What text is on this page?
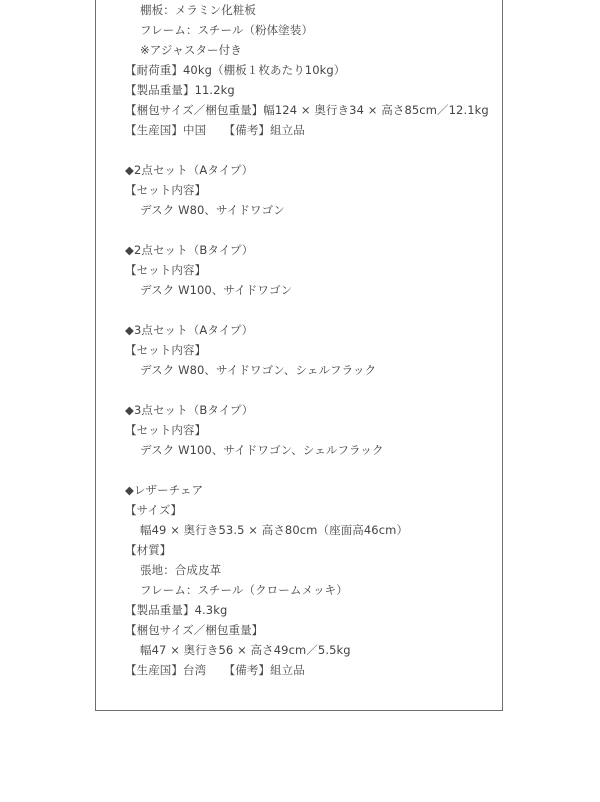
棚板：メラミン化粧板
フレーム：スチール（粉体塗装）
※アジャスター付き
【耐荷重】40kg（棚板１枚あたり10kg）
【製品重量】11.2kg
【梱包サイズ／梱包重量】幅124 × 奥行き34 × 高さ85cm／12.1kg
【生産国】中国　　【備考】組立品
◆2点セット（Aタイプ）
【セット内容】
デスク W80、サイドワゴン
◆2点セット（Bタイプ）
【セット内容】
デスク W100、サイドワゴン
◆3点セット（Aタイプ）
【セット内容】
デスク W80、サイドワゴン、シェルフラック
◆3点セット（Bタイプ）
【セット内容】
デスク W100、サイドワゴン、シェルフラック
◆レザーチェア
【サイズ】
幅49 × 奥行き53.5 × 高さ80cm（座面高46cm）
【材質】
張地：合成皮革
フレーム：スチール（クロームメッキ）
【製品重量】4.3kg
【梱包サイズ／梱包重量】
幅47 × 奥行き56 × 高さ49cm／5.5kg
【生産国】台湾　　【備考】組立品
